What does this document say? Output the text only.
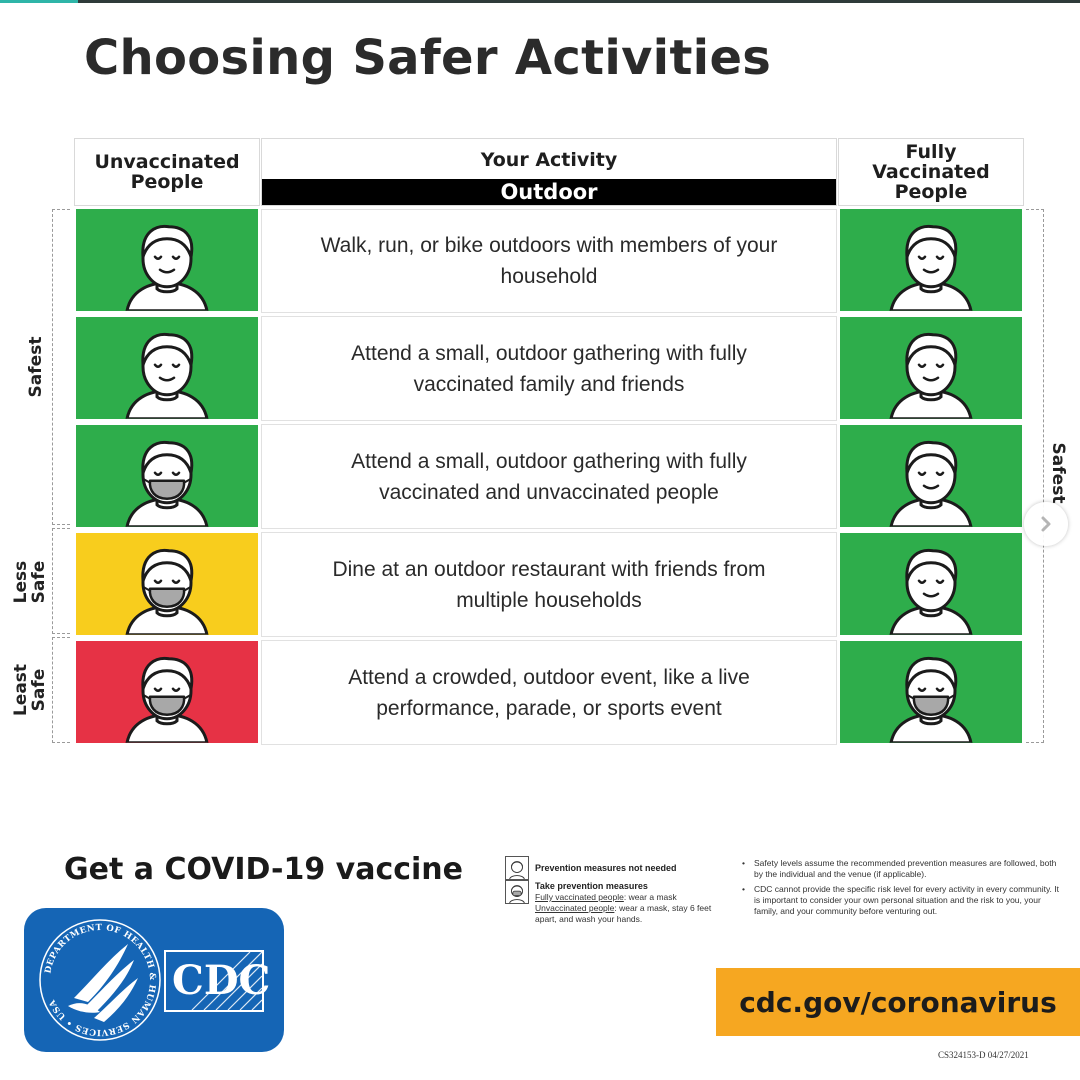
Choosing Safer Activities
Unvaccinated People
Your Activity
Outdoor
Fully Vaccinated People
Safest
Less Safe
Least Safe
Safest
Walk, run, or bike outdoors with members of your household
Attend a small, outdoor gathering with fully vaccinated family and friends
Attend a small, outdoor gathering with fully vaccinated and unvaccinated people
Dine at an outdoor restaurant with friends from multiple households
Attend a crowded, outdoor event, like a live performance, parade, or sports event
Get a COVID-19 vaccine
DEPARTMENT OF HEALTH & HUMAN SERVICES • USA	CDC
Prevention measures not needed
Take prevention measures
Fully vaccinated people: wear a mask
Unvaccinated people: wear a mask, stay 6 feet apart, and wash your hands.
• Safety levels assume the recommended prevention measures are followed, both by the individual and the venue (if applicable).
• CDC cannot provide the specific risk level for every activity in every community. It is important to consider your own personal situation and the risk to you, your family, and your community before venturing out.
cdc.gov/coronavirus
CS324153-D 04/27/2021
